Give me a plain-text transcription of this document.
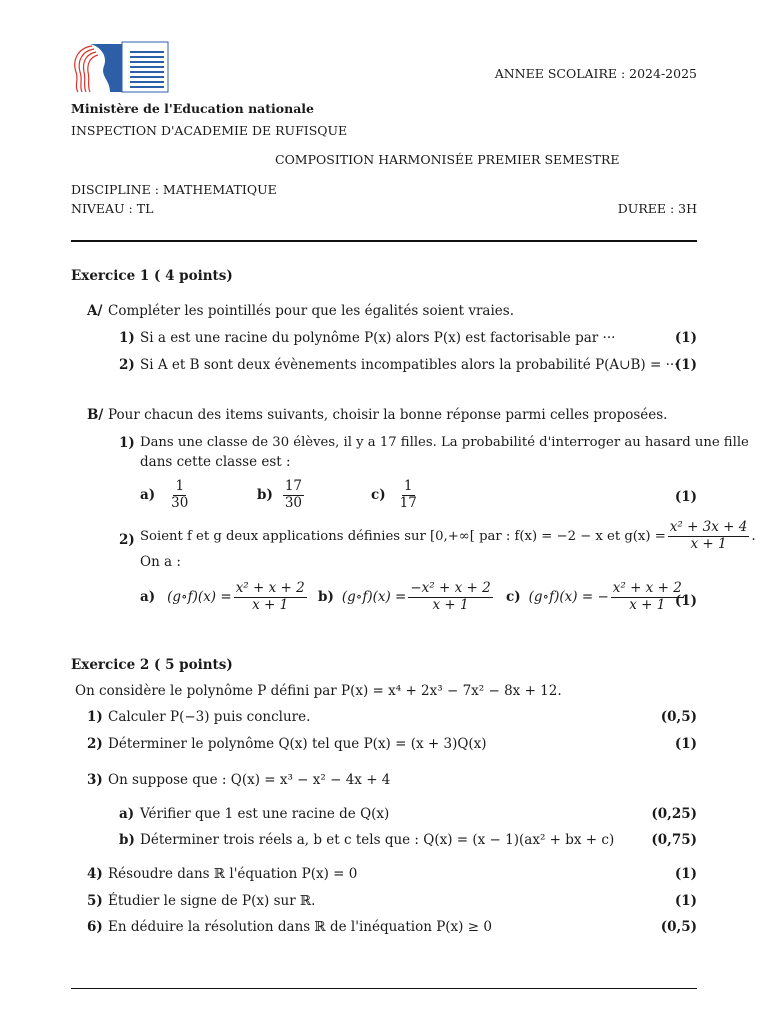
ANNEE SCOLAIRE : 2024-2025
Ministère de l'Education nationale
INSPECTION D'ACADEMIE DE RUFISQUE
COMPOSITION HARMONISÉE PREMIER SEMESTRE
DISCIPLINE : MATHEMATIQUE
NIVEAU : TL	DUREE : 3H
Exercice 1 ( 4 points)
A/ Compléter les pointillés pour que les égalités soient vraies.
1) Si a est une racine du polynôme P(x) alors P(x) est factorisable par ···	(1)
2) Si A et B sont deux évènements incompatibles alors la probabilité P(A∪B) = ···
(1)
B/ Pour chacun des items suivants, choisir la bonne réponse parmi celles proposées.
1) Dans une classe de 30 élèves, il y a 17 filles. La probabilité d'interroger au hasard une fille
dans cette classe est :
$a) \frac{1}{30}$	$b) \frac{17}{30}$	$c) \frac{1}{17}$	(1)
2) Soient f et g deux applications définies sur [0,+∞[ par : f(x) = −2 − x et $g(x) = \frac{\text{x² + 3x + 4}}{x + 1}$ .
On a :
a) (g∘f)(x) = $\frac{\text{x² + x + 2}}{x + 1} b$) (g∘f)(x) = $\frac{\text{−x² + x + 2}}{x + 1} c$) (g∘f)(x) = − $\frac{\text{x² + x + 2}}{x + 1}$
(1)
Exercice 2 ( 5 points)
On considère le polynôme P défini par P(x) = x⁴ + 2x³ − 7x² − 8x + 12.
1) Calculer P(−3) puis conclure.	(0,5)
2) Déterminer le polynôme Q(x) tel que P(x) = (x + 3)Q(x)	(1)
3) On suppose que : Q(x) = x³ − x² − 4x + 4
a) Vérifier que 1 est une racine de Q(x)	(0,25)
b) Déterminer trois réels a, b et c tels que : Q(x) = (x − 1)(ax² + bx + c)	(0,75)
4) Résoudre dans ℝ l'équation P(x) = 0	(1)
5) Étudier le signe de P(x) sur ℝ.	(1)
6) En déduire la résolution dans ℝ de l'inéquation P(x) ≥ 0	(0,5)
